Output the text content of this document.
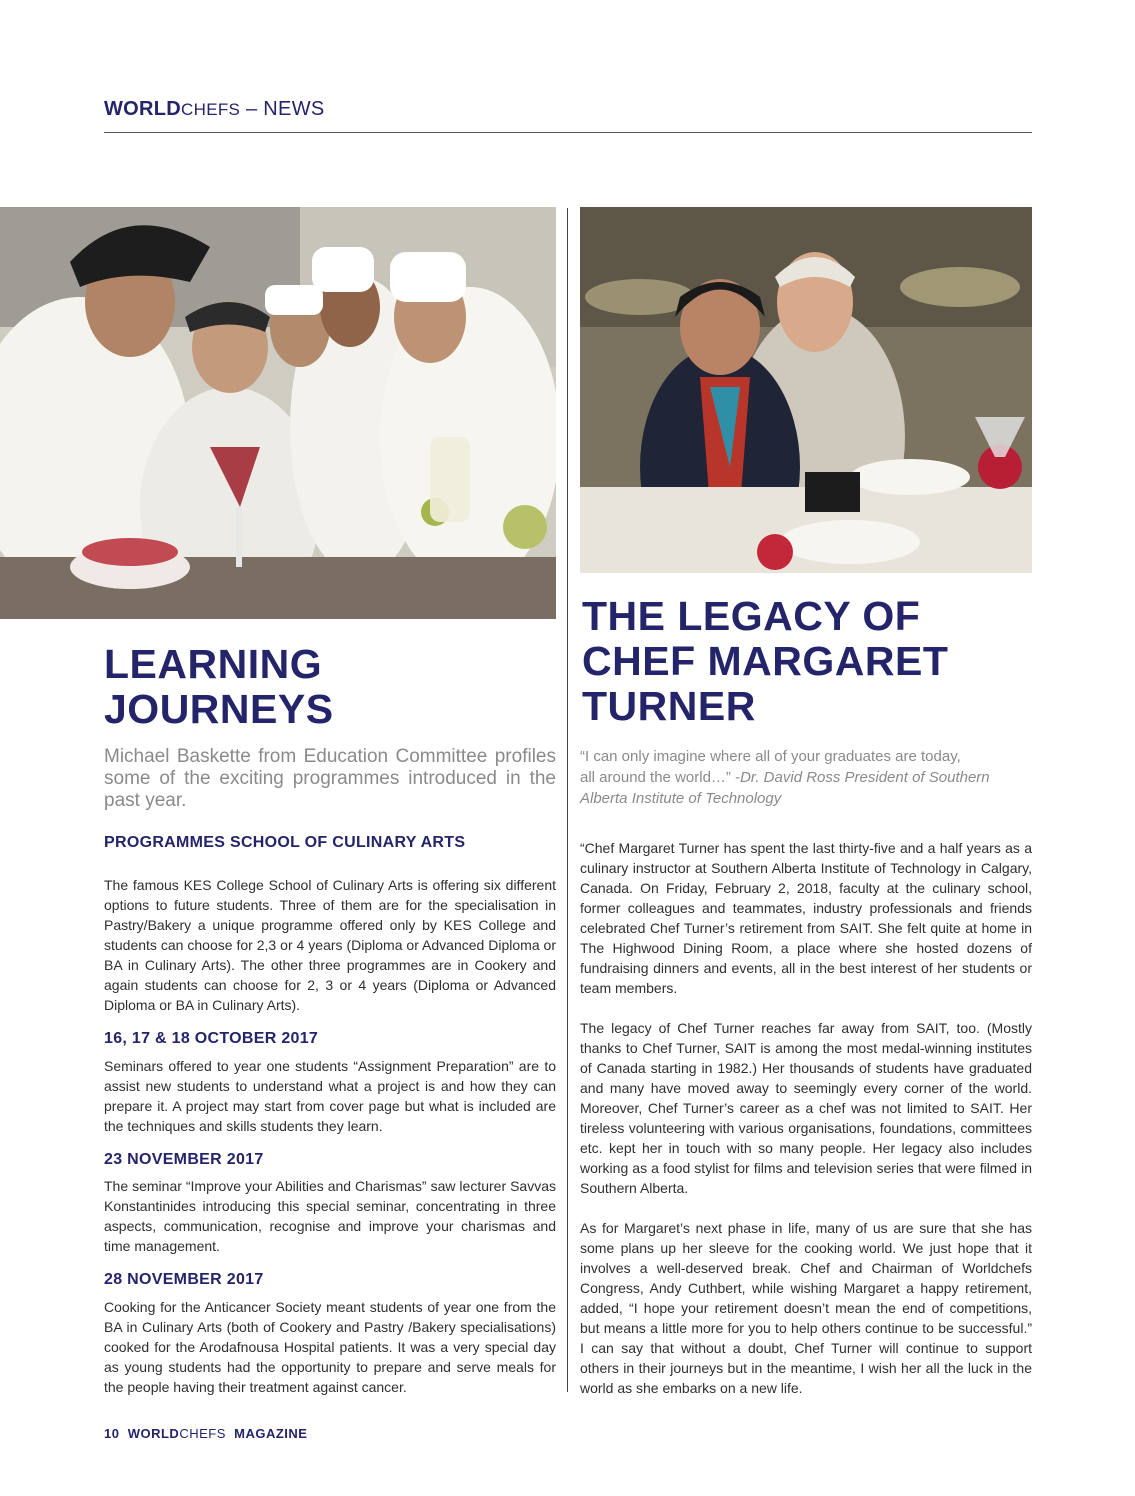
WORLDCHEFS – NEWS
LEARNING
JOURNEYS
Michael Baskette from Education Committee profiles some of the exciting programmes introduced in the past year.
PROGRAMMES SCHOOL OF CULINARY ARTS
The famous KES College School of Culinary Arts is offering six different options to future students. Three of them are for the specialisation in Pastry/Bakery a unique programme offered only by KES College and students can choose for 2,3 or 4 years (Diploma or Advanced Diploma or BA in Culinary Arts). The other three programmes are in Cookery and again students can choose for 2, 3 or 4 years (Diploma or Advanced Diploma or BA in Culinary Arts).
16, 17 & 18 OCTOBER 2017
Seminars offered to year one students “Assignment Preparation” are to assist new students to understand what a project is and how they can prepare it. A project may start from cover page but what is included are the techniques and skills students they learn.
23 NOVEMBER 2017
The seminar “Improve your Abilities and Charismas” saw lecturer Savvas Konstantinides introducing this special seminar, concentrating in three aspects, communication, recognise and improve your charismas and time management.
28 NOVEMBER 2017
Cooking for the Anticancer Society meant students of year one from the BA in Culinary Arts (both of Cookery and Pastry /Bakery specialisations) cooked for the Arodafnousa Hospital patients. It was a very special day as young students had the opportunity to prepare and serve meals for the people having their treatment against cancer.
THE LEGACY OF
CHEF MARGARET
TURNER
“I can only imagine where all of your graduates are today,
all around the world…” -Dr. David Ross President of Southern
Alberta Institute of Technology
“Chef Margaret Turner has spent the last thirty-five and a half years as a culinary instructor at Southern Alberta Institute of Technology in Calgary, Canada. On Friday, February 2, 2018, faculty at the culinary school, former colleagues and teammates, industry professionals and friends celebrated Chef Turner’s retirement from SAIT. She felt quite at home in The Highwood Dining Room, a place where she hosted dozens of fundraising dinners and events, all in the best interest of her students or team members.
The legacy of Chef Turner reaches far away from SAIT, too. (Mostly thanks to Chef Turner, SAIT is among the most medal-winning institutes of Canada starting in 1982.) Her thousands of students have graduated and many have moved away to seemingly every corner of the world. Moreover, Chef Turner’s career as a chef was not limited to SAIT. Her tireless volunteering with various organisations, foundations, committees etc. kept her in touch with so many people. Her legacy also includes working as a food stylist for films and television series that were filmed in Southern Alberta.
As for Margaret’s next phase in life, many of us are sure that she has some plans up her sleeve for the cooking world. We just hope that it involves a well-deserved break. Chef and Chairman of Worldchefs Congress, Andy Cuthbert, while wishing Margaret a happy retirement, added, “I hope your retirement doesn’t mean the end of competitions, but means a little more for you to help others continue to be successful.” I can say that without a doubt, Chef Turner will continue to support others in their journeys but in the meantime, I wish her all the luck in the world as she embarks on a new life.
10 WORLDCHEFS MAGAZINE
